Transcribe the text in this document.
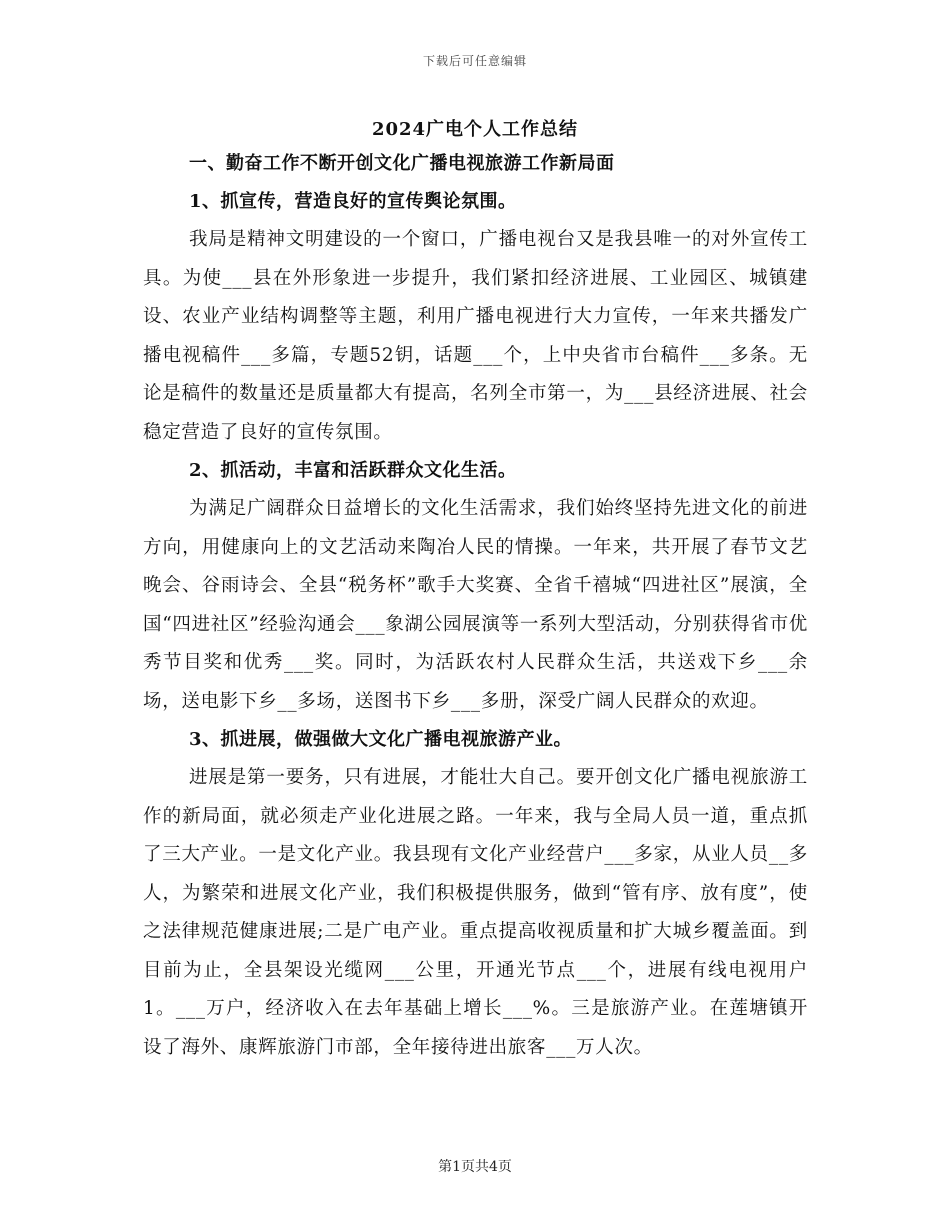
下载后可任意编辑
2024广电个人工作总结
一、勤奋工作不断开创文化广播电视旅游工作新局面
1、抓宣传，营造良好的宣传舆论氛围。

我局是精神文明建设的一个窗口，广播电视台又是我县唯一的对外宣传工具。为使___县在外形象进一步提升，我们紧扣经济进展、工业园区、城镇建设、农业产业结构调整等主题，利用广播电视进行大力宣传，一年来共播发广播电视稿件___多篇，专题52钥，话题___个，上中央省市台稿件___多条。无论是稿件的数量还是质量都大有提高，名列全市第一，为___县经济进展、社会稳定营造了良好的宣传氛围。

2、抓活动，丰富和活跃群众文化生活。

为满足广阔群众日益增长的文化生活需求，我们始终坚持先进文化的前进方向，用健康向上的文艺活动来陶冶人民的情操。一年来，共开展了春节文艺晚会、谷雨诗会、全县“税务杯”歌手大奖赛、全省千禧城“四进社区”展演，全国“四进社区”经验沟通会___象湖公园展演等一系列大型活动，分别获得省市优秀节目奖和优秀___奖。同时，为活跃农村人民群众生活，共送戏下乡___余场，送电影下乡__多场，送图书下乡___多册，深受广阔人民群众的欢迎。

3、抓进展，做强做大文化广播电视旅游产业。

进展是第一要务，只有进展，才能壮大自己。要开创文化广播电视旅游工作的新局面，就必须走产业化进展之路。一年来，我与全局人员一道，重点抓了三大产业。一是文化产业。我县现有文化产业经营户___多家，从业人员__多人，为繁荣和进展文化产业，我们积极提供服务，做到“管有序、放有度”，使之法律规范健康进展;二是广电产业。重点提高收视质量和扩大城乡覆盖面。到目前为止，全县架设光缆网___公里，开通光节点___个，进展有线电视用户1。___万户，经济收入在去年基础上增长___%。三是旅游产业。在莲塘镇开设了海外、康辉旅游门市部，全年接待进出旅客___万人次。

第1页共4页
